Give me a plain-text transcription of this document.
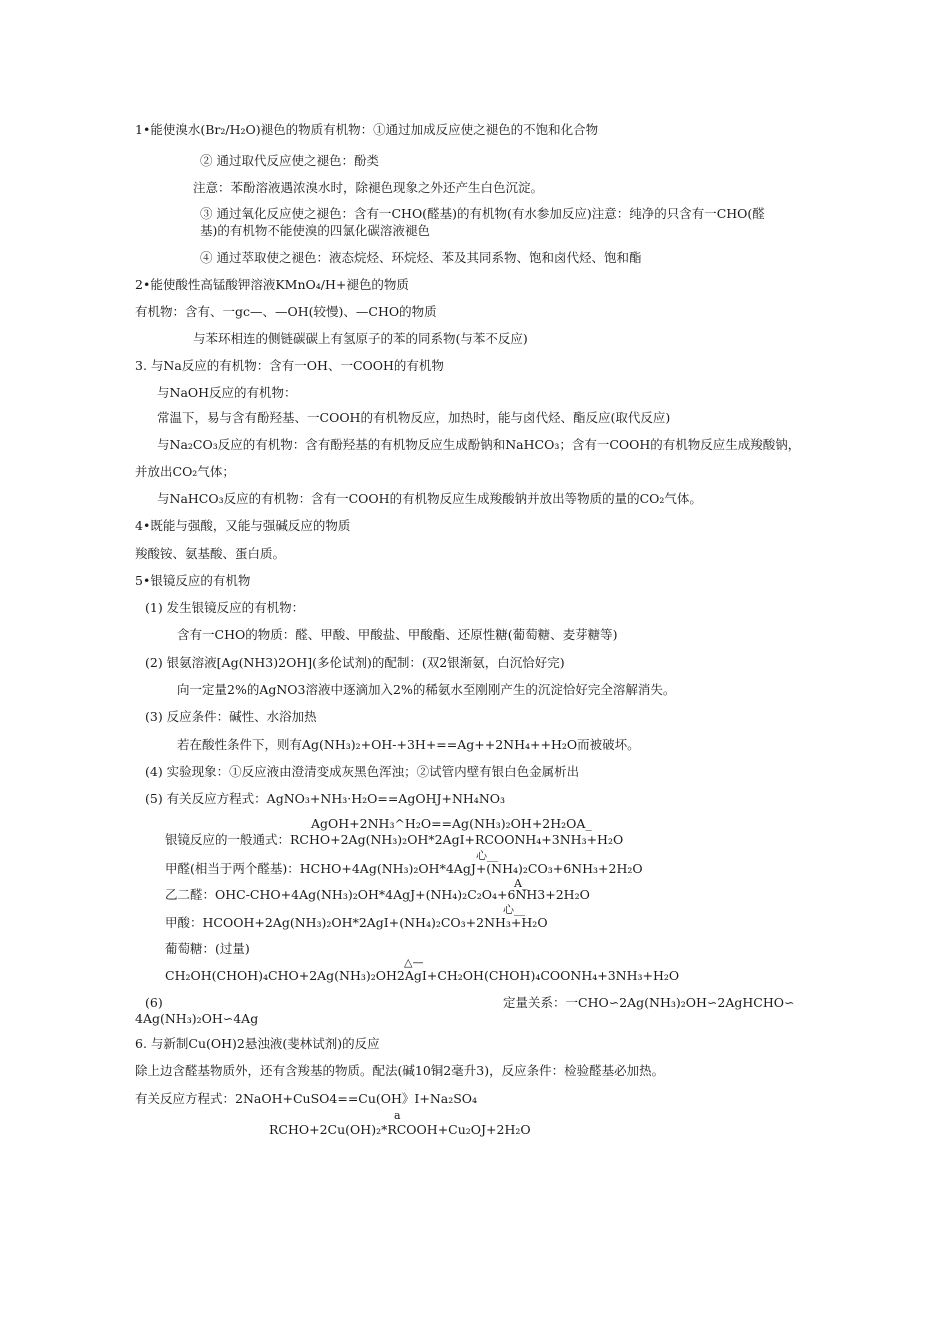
1•能使溴水(Br₂/H₂O)褪色的物质有机物：①通过加成反应使之褪色的不饱和化合物
② 通过取代反应使之褪色：酚类
注意：苯酚溶液遇浓溴水时，除褪色现象之外还产生白色沉淀。
③ 通过氧化反应使之褪色：含有一CHO(醛基)的有机物(有水参加反应)注意：纯净的只含有一CHO(醛
基)的有机物不能使溴的四氯化碳溶液褪色
④ 通过萃取使之褪色：液态烷烃、环烷烃、苯及其同系物、饱和卤代烃、饱和酯
2•能使酸性高锰酸钾溶液KMnO₄/H+褪色的物质
有机物：含有、一gc—、—OH(较慢)、—CHO的物质
与苯环相连的侧链碳碳上有氢原子的苯的同系物(与苯不反应)
3. 与Na反应的有机物：含有一OH、一COOH的有机物
与NaOH反应的有机物：
常温下，易与含有酚羟基、一COOH的有机物反应，加热时，能与卤代烃、酯反应(取代反应)
与Na₂CO₃反应的有机物：含有酚羟基的有机物反应生成酚钠和NaHCO₃；含有一COOH的有机物反应生成羧酸钠，
并放出CO₂气体；
与NaHCO₃反应的有机物：含有一COOH的有机物反应生成羧酸钠并放出等物质的量的CO₂气体。
4•既能与强酸，又能与强碱反应的物质
羧酸铵、氨基酸、蛋白质。
5•银镜反应的有机物
(1) 发生银镜反应的有机物：
含有一CHO的物质：醛、甲酸、甲酸盐、甲酸酯、还原性糖(葡萄糖、麦芽糖等)
(2) 银氨溶液[Ag(NH3)2OH](多伦试剂)的配制：(双2银渐氨，白沉恰好完)
向一定量2%的AgNO3溶液中逐滴加入2%的稀氨水至刚刚产生的沉淀恰好完全溶解消失。
(3) 反应条件：碱性、水浴加热
若在酸性条件下，则有Ag(NH₃)₂+OH-+3H+==Ag++2NH₄++H₂O而被破坏。
(4) 实验现象：①反应液由澄清变成灰黑色浑浊；②试管内壁有银白色金属析出
(5) 有关反应方程式：AgNO₃+NH₃·H₂O==AgOHJ+NH₄NO₃
AgOH+2NH₃^H₂O==Ag(NH₃)₂OH+2H₂OA_
银镜反应的一般通式：RCHO+2Ag(NH₃)₂OH*2AgI+RCOONH₄+3NH₃+H₂O
心__
甲醛(相当于两个醛基)：HCHO+4Ag(NH₃)₂OH*4AgJ+(NH₄)₂CO₃+6NH₃+2H₂O
A_
乙二醛：OHC-CHO+4Ag(NH₃)₂OH*4AgJ+(NH₄)₂C₂O₄+6NH3+2H₂O
心__
甲酸：HCOOH+2Ag(NH₃)₂OH*2AgI+(NH₄)₂CO₃+2NH₃+H₂O
葡萄糖：(过量)
△—
CH₂OH(CHOH)₄CHO+2Ag(NH₃)₂OH2AgI+CH₂OH(CHOH)₄COONH₄+3NH₃+H₂O
(6)	定量关系：一CHO∽2Ag(NH₃)₂OH∽2AgHCHO∽
4Ag(NH₃)₂OH∽4Ag
6. 与新制Cu(OH)2悬浊液(斐林试剂)的反应
除上边含醛基物质外，还有含羧基的物质。配法(碱10铜2毫升3)，反应条件：检验醛基必加热。
有关反应方程式：2NaOH+CuSO4==Cu(OH》I+Na₂SO₄
a
RCHO+2Cu(OH)₂*RCOOH+Cu₂OJ+2H₂O
